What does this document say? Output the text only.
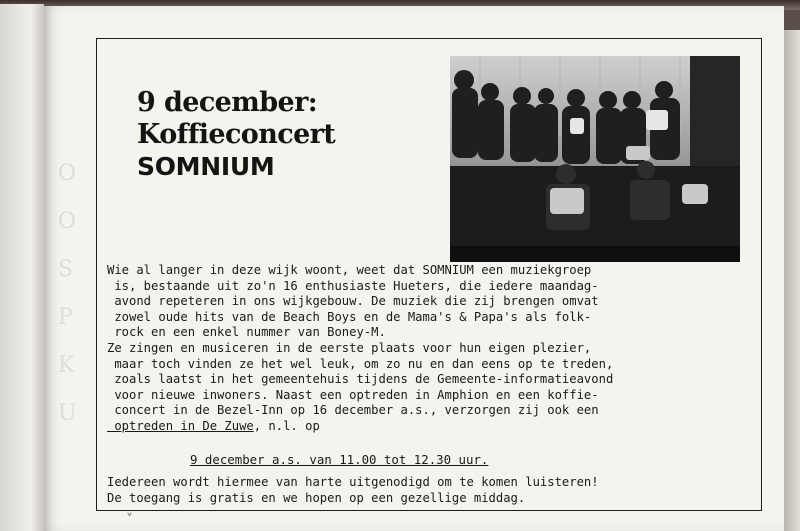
O
O
S
P
K
U
9 december:
Koffieconcert
SOMNIUM
Wie al langer in deze wijk woont, weet dat SOMNIUM een muziekgroep
is, bestaande uit zo'n 16 enthusiaste Hueters, die iedere maandag-
avond repeteren in ons wijkgebouw. De muziek die zij brengen omvat
zowel oude hits van de Beach Boys en de Mama's & Papa's als folk-
rock en een enkel nummer van Boney-M.
Ze zingen en musiceren in de eerste plaats voor hun eigen plezier,
maar toch vinden ze het wel leuk, om zo nu en dan eens op te treden,
zoals laatst in het gemeentehuis tijdens de Gemeente-informatieavond
voor nieuwe inwoners. Naast een optreden in Amphion en een koffie-
concert in de Bezel-Inn op 16 december a.s., verzorgen zij ook een
optreden in De Zuwe, n.l. op
9 december a.s. van 11.00 tot 12.30 uur.
Iedereen wordt hiermee van harte uitgenodigd om te komen luisteren!
De toegang is gratis en we hopen op een gezellige middag.
˅
